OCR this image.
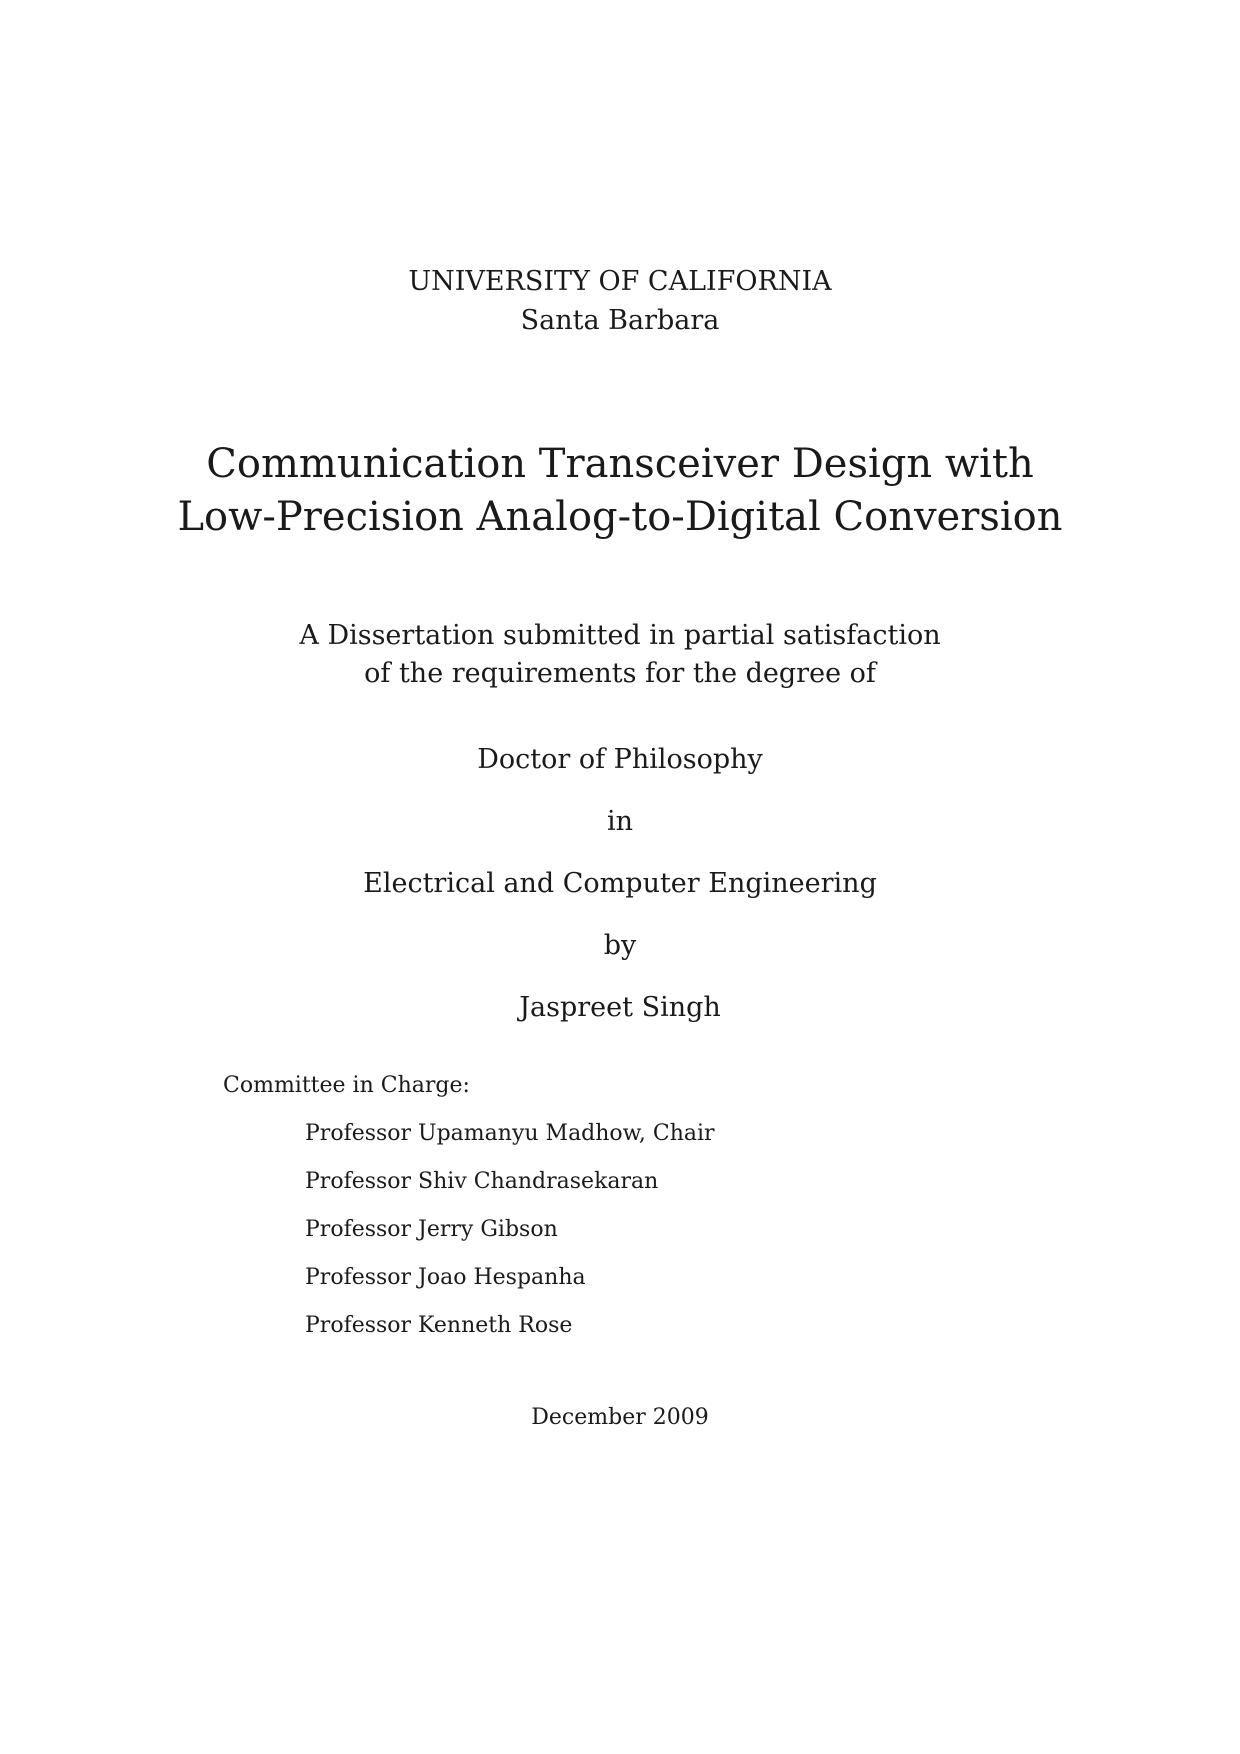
UNIVERSITY OF CALIFORNIA
Santa Barbara
Communication Transceiver Design with
Low-Precision Analog-to-Digital Conversion
A Dissertation submitted in partial satisfaction
of the requirements for the degree of
Doctor of Philosophy
in
Electrical and Computer Engineering
by
Jaspreet Singh
Committee in Charge:
Professor Upamanyu Madhow, Chair
Professor Shiv Chandrasekaran
Professor Jerry Gibson
Professor Joao Hespanha
Professor Kenneth Rose
December 2009
